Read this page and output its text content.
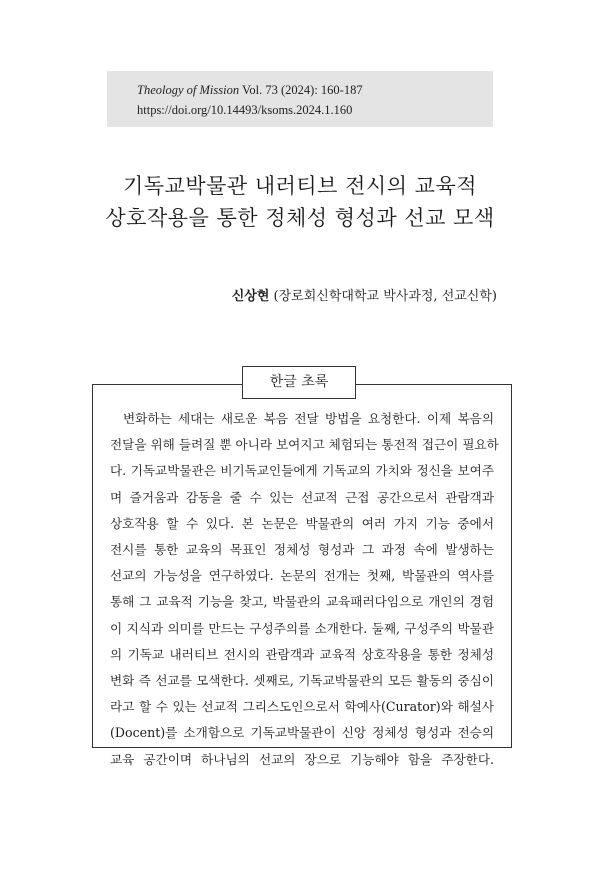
Theology of Mission Vol. 73 (2024): 160-187
https://doi.org/10.14493/ksoms.2024.1.160
기독교박물관 내러티브 전시의 교육적
상호작용을 통한 정체성 형성과 선교 모색
신상현 (장로회신학대학교 박사과정, 선교신학)
한글 초록
변화하는 세대는 새로운 복음 전달 방법을 요청한다. 이제 복음의
전달을 위해 들려질 뿐 아니라 보여지고 체험되는 통전적 접근이 필요하
다. 기독교박물관은 비기독교인들에게 기독교의 가치와 정신을 보여주
며 즐거움과 감동을 줄 수 있는 선교적 근접 공간으로서 관람객과
상호작용 할 수 있다. 본 논문은 박물관의 여러 가지 기능 중에서
전시를 통한 교육의 목표인 정체성 형성과 그 과정 속에 발생하는
선교의 가능성을 연구하였다. 논문의 전개는 첫째, 박물관의 역사를
통해 그 교육적 기능을 찾고, 박물관의 교육패러다임으로 개인의 경험
이 지식과 의미를 만드는 구성주의를 소개한다. 둘째, 구성주의 박물관
의 기독교 내러티브 전시의 관람객과 교육적 상호작용을 통한 정체성
변화 즉 선교를 모색한다. 셋째로, 기독교박물관의 모든 활동의 중심이
라고 할 수 있는 선교적 그리스도인으로서 학예사(Curator)와 해설사
(Docent)를 소개함으로 기독교박물관이 신앙 정체성 형성과 전승의
교육 공간이며 하나님의 선교의 장으로 기능해야 함을 주장한다.
